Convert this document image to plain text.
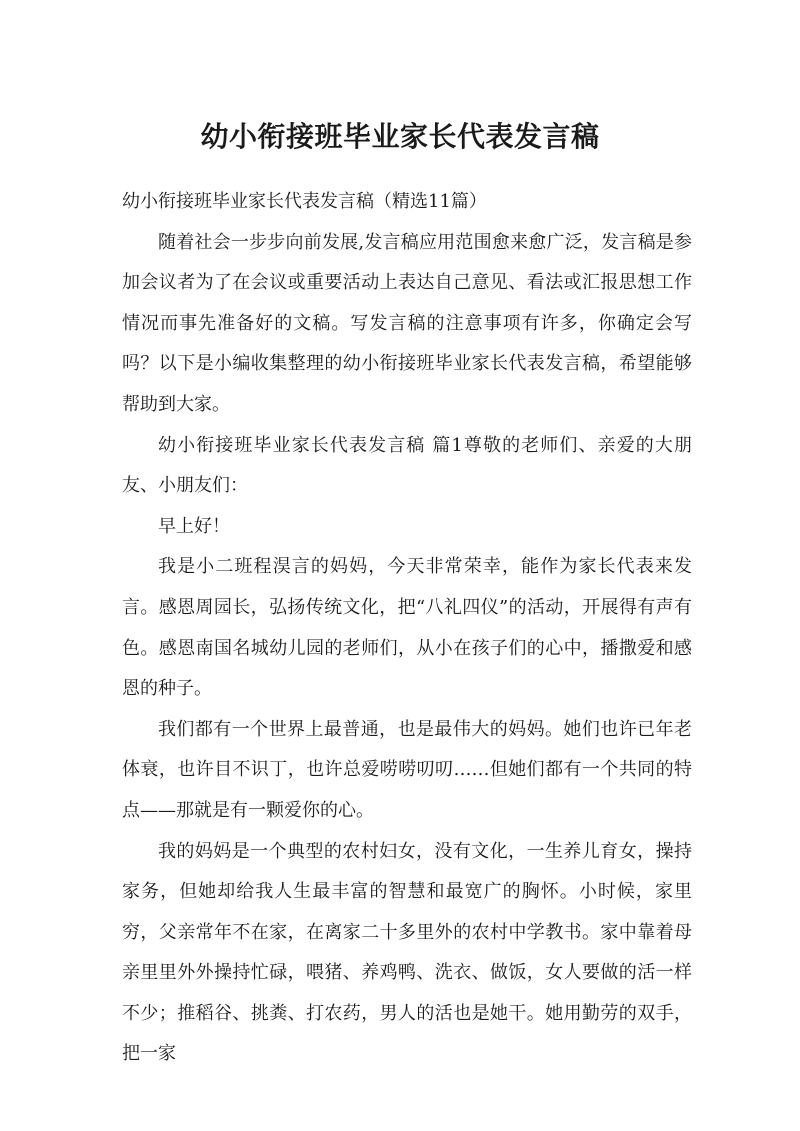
幼小衔接班毕业家长代表发言稿

幼小衔接班毕业家长代表发言稿（精选11篇）

随着社会一步步向前发展,发言稿应用范围愈来愈广泛，发言稿是参加会议者为了在会议或重要活动上表达自己意见、看法或汇报思想工作情况而事先准备好的文稿。写发言稿的注意事项有许多，你确定会写吗？以下是小编收集整理的幼小衔接班毕业家长代表发言稿，希望能够帮助到大家。

幼小衔接班毕业家长代表发言稿 篇1尊敬的老师们、亲爱的大朋友、小朋友们：

早上好！

我是小二班程淏言的妈妈，今天非常荣幸，能作为家长代表来发言。感恩周园长，弘扬传统文化，把“八礼四仪”的活动，开展得有声有色。感恩南国名城幼儿园的老师们，从小在孩子们的心中，播撒爱和感恩的种子。

我们都有一个世界上最普通，也是最伟大的妈妈。她们也许已年老体衰，也许目不识丁，也许总爱唠唠叨叨……但她们都有一个共同的特点——那就是有一颗爱你的心。

我的妈妈是一个典型的农村妇女，没有文化，一生养儿育女，操持家务，但她却给我人生最丰富的智慧和最宽广的胸怀。小时候，家里穷，父亲常年不在家，在离家二十多里外的农村中学教书。家中靠着母亲里里外外操持忙碌，喂猪、养鸡鸭、洗衣、做饭，女人要做的活一样不少；推稻谷、挑粪、打农药，男人的活也是她干。她用勤劳的双手，把一家
